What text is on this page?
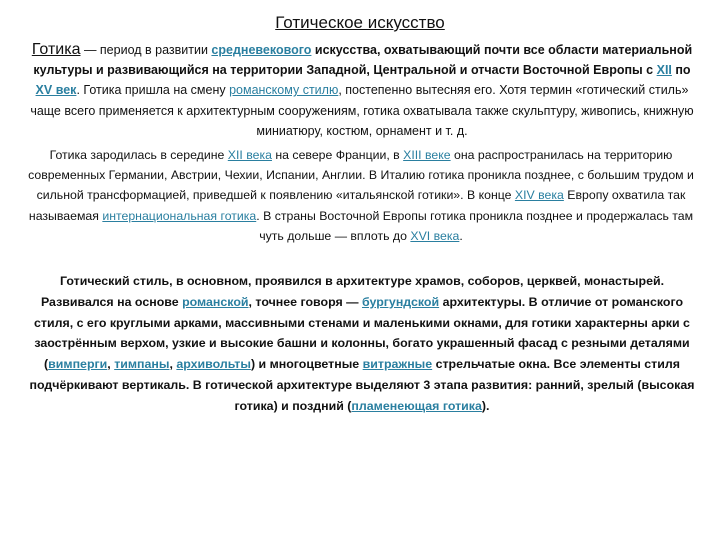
Готическое искусство
Готика — период в развитии средневекового искусства, охватывающий почти все области материальной культуры и развивающийся на территории Западной, Центральной и отчасти Восточной Европы с XII по XV век. Готика пришла на смену романскому стилю, постепенно вытесняя его. Хотя термин «готический стиль» чаще всего применяется к архитектурным сооружениям, готика охватывала также скульптуру, живопись, книжную миниатюру, костюм, орнамент и т. д.
Готика зародилась в середине XII века на севере Франции, в XIII веке она распространилась на территорию современных Германии, Австрии, Чехии, Испании, Англии. В Италию готика проникла позднее, с большим трудом и сильной трансформацией, приведшей к появлению «итальянской готики». В конце XIV века Европу охватила так называемая интернациональная готика. В страны Восточной Европы готика проникла позднее и продержалась там чуть дольше — вплоть до XVI века.
Готический стиль, в основном, проявился в архитектуре храмов, соборов, церквей, монастырей. Развивался на основе романской, точнее говоря — бургундской архитектуры. В отличие от романского стиля, с его круглыми арками, массивными стенами и маленькими окнами, для готики характерны арки с заострённым верхом, узкие и высокие башни и колонны, богато украшенный фасад с резными деталями (вимперги, тимпаны, архивольты) и многоцветные витражные стрельчатые окна. Все элементы стиля подчёркивают вертикаль. В готической архитектуре выделяют 3 этапа развития: ранний, зрелый (высокая готика) и поздний (пламенеющая готика).
